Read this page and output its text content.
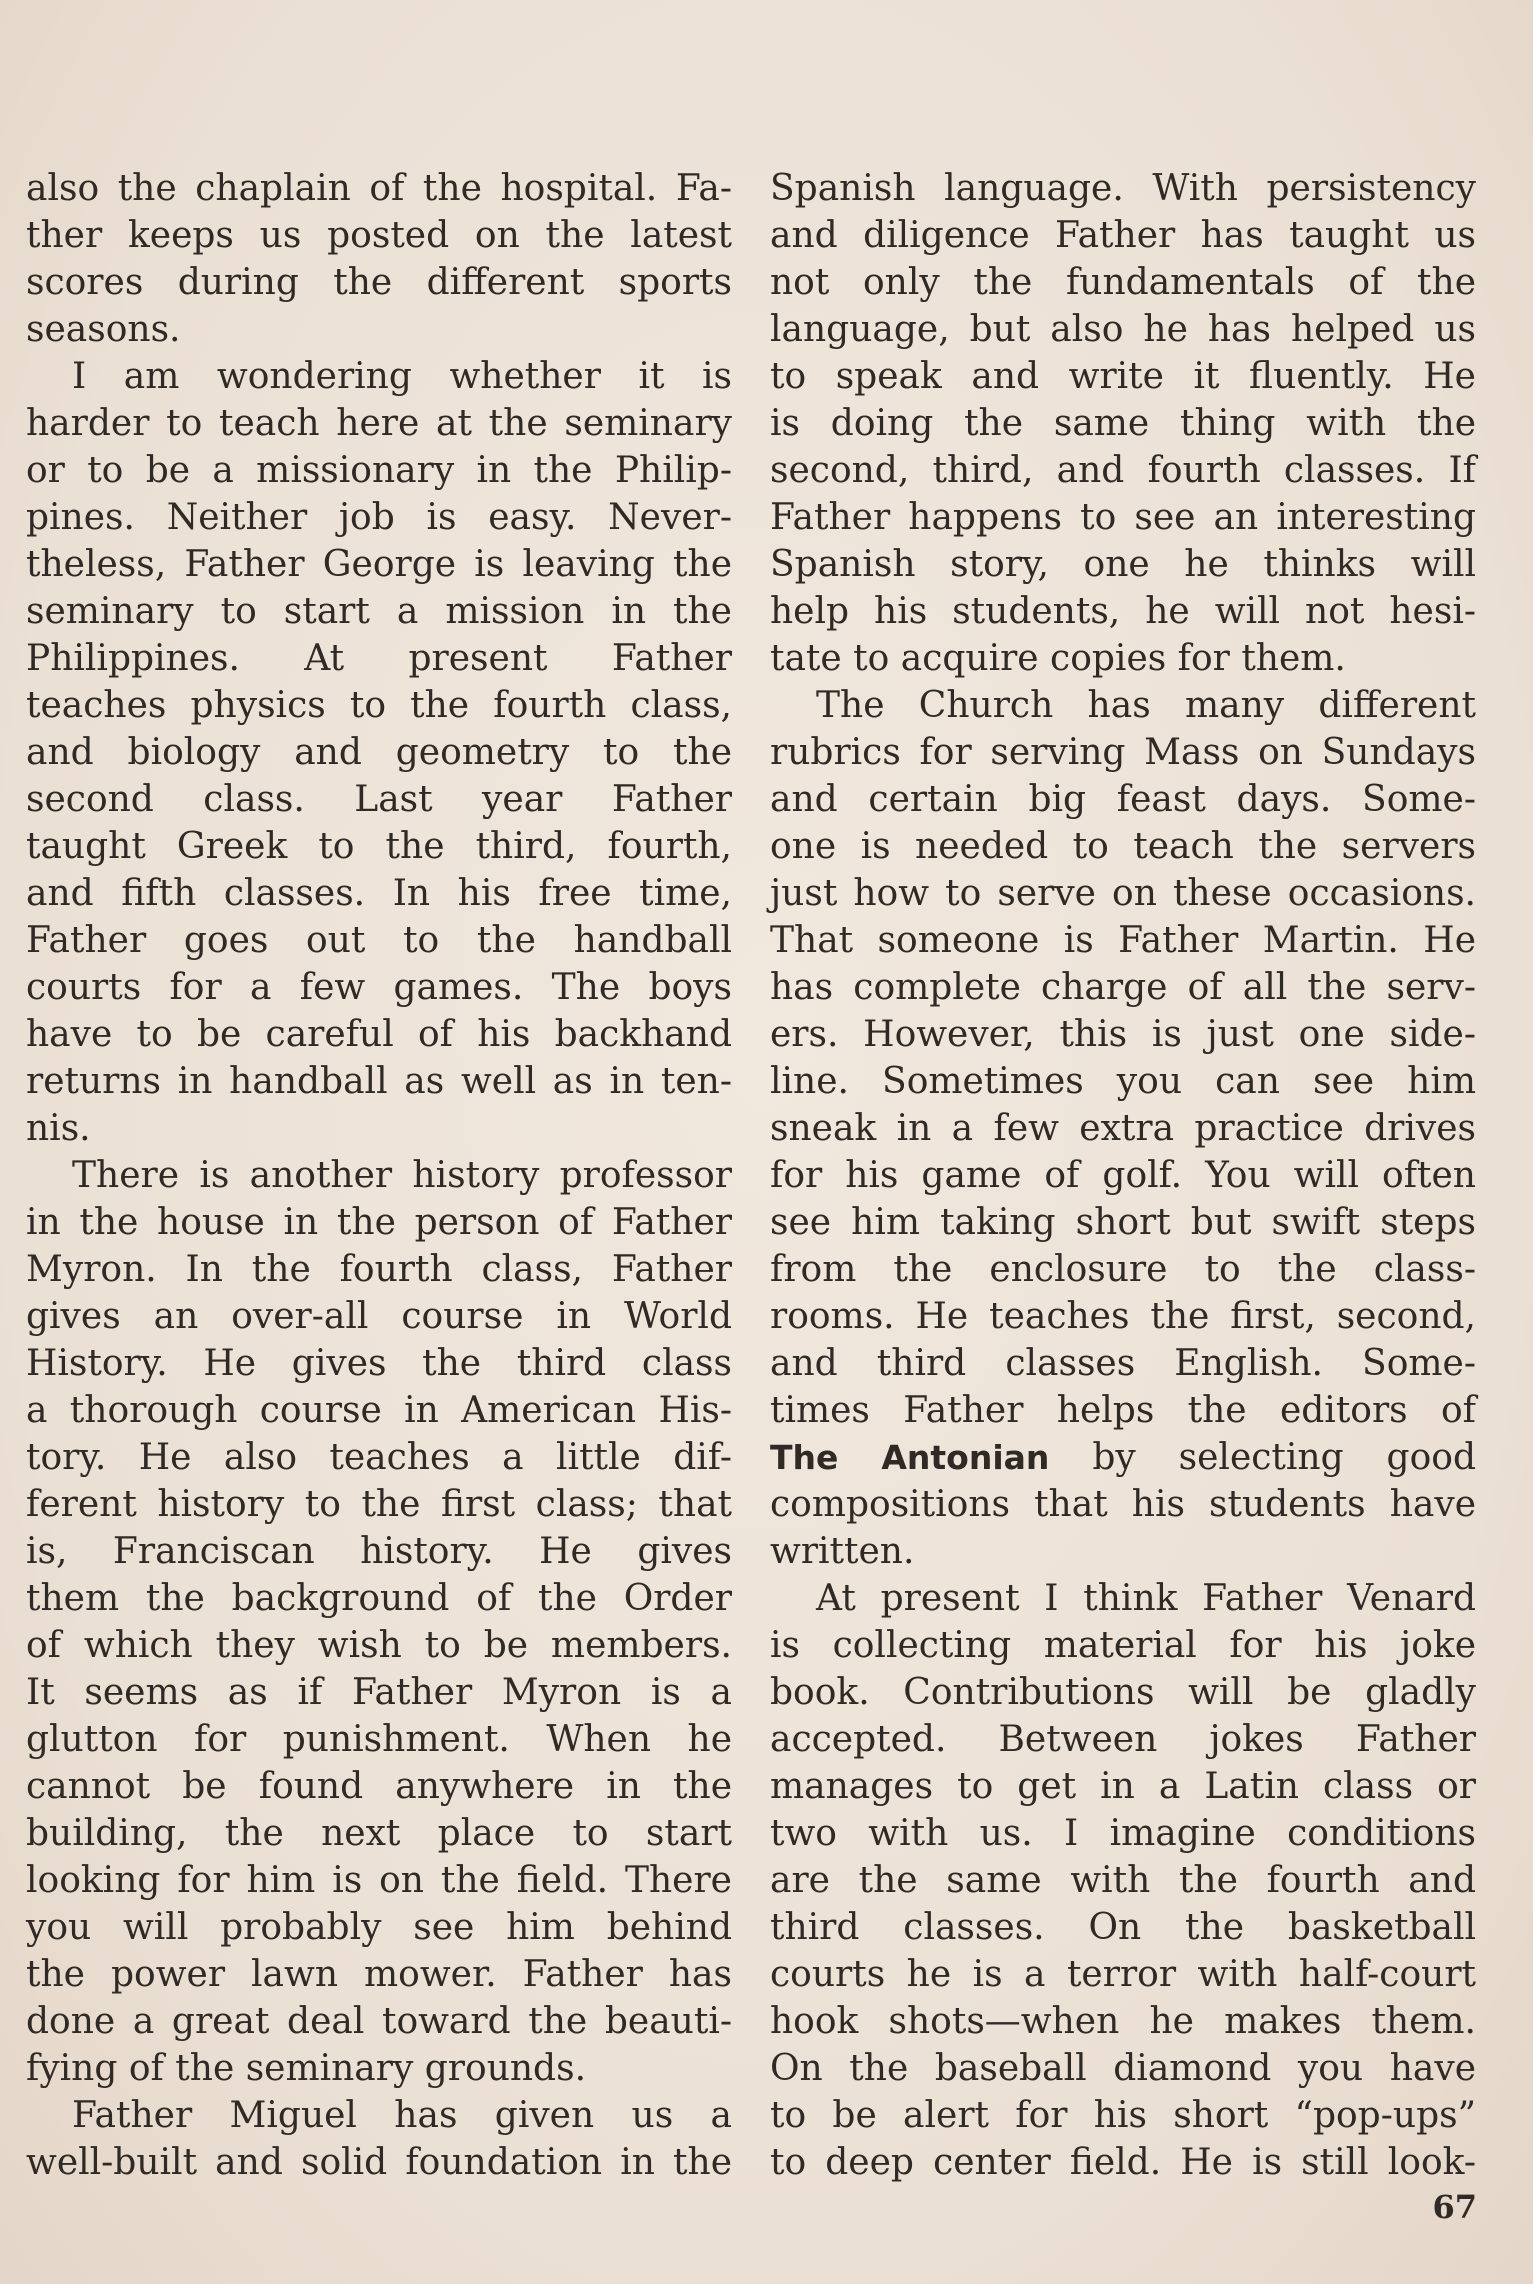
also the chaplain of the hospital. Fa-

ther keeps us posted on the latest

scores during the different sports

seasons.

I am wondering whether it is

harder to teach here at the seminary

or to be a missionary in the Philip-

pines. Neither job is easy. Never-

theless, Father George is leaving the

seminary to start a mission in the

Philippines. At present Father

teaches physics to the fourth class,

and biology and geometry to the

second class. Last year Father

taught Greek to the third, fourth,

and fifth classes. In his free time,

Father goes out to the handball

courts for a few games. The boys

have to be careful of his backhand

returns in handball as well as in ten-

nis.

There is another history professor

in the house in the person of Father

Myron. In the fourth class, Father

gives an over-all course in World

History. He gives the third class

a thorough course in American His-

tory. He also teaches a little dif-

ferent history to the first class; that

is, Franciscan history. He gives

them the background of the Order

of which they wish to be members.

It seems as if Father Myron is a

glutton for punishment. When he

cannot be found anywhere in the

building, the next place to start

looking for him is on the field. There

you will probably see him behind

the power lawn mower. Father has

done a great deal toward the beauti-

fying of the seminary grounds.

Father Miguel has given us a

well-built and solid foundation in the

Spanish language. With persistency

and diligence Father has taught us

not only the fundamentals of the

language, but also he has helped us

to speak and write it fluently. He

is doing the same thing with the

second, third, and fourth classes. If

Father happens to see an interesting

Spanish story, one he thinks will

help his students, he will not hesi-

tate to acquire copies for them.

The Church has many different

rubrics for serving Mass on Sundays

and certain big feast days. Some-

one is needed to teach the servers

just how to serve on these occasions.

That someone is Father Martin. He

has complete charge of all the serv-

ers. However, this is just one side-

line. Sometimes you can see him

sneak in a few extra practice drives

for his game of golf. You will often

see him taking short but swift steps

from the enclosure to the class-

rooms. He teaches the first, second,

and third classes English. Some-

times Father helps the editors of

The Antonian by selecting good

compositions that his students have

written.

At present I think Father Venard

is collecting material for his joke

book. Contributions will be gladly

accepted. Between jokes Father

manages to get in a Latin class or

two with us. I imagine conditions

are the same with the fourth and

third classes. On the basketball

courts he is a terror with half-court

hook shots—when he makes them.

On the baseball diamond you have

to be alert for his short “pop-ups”

to deep center field. He is still look-

67
